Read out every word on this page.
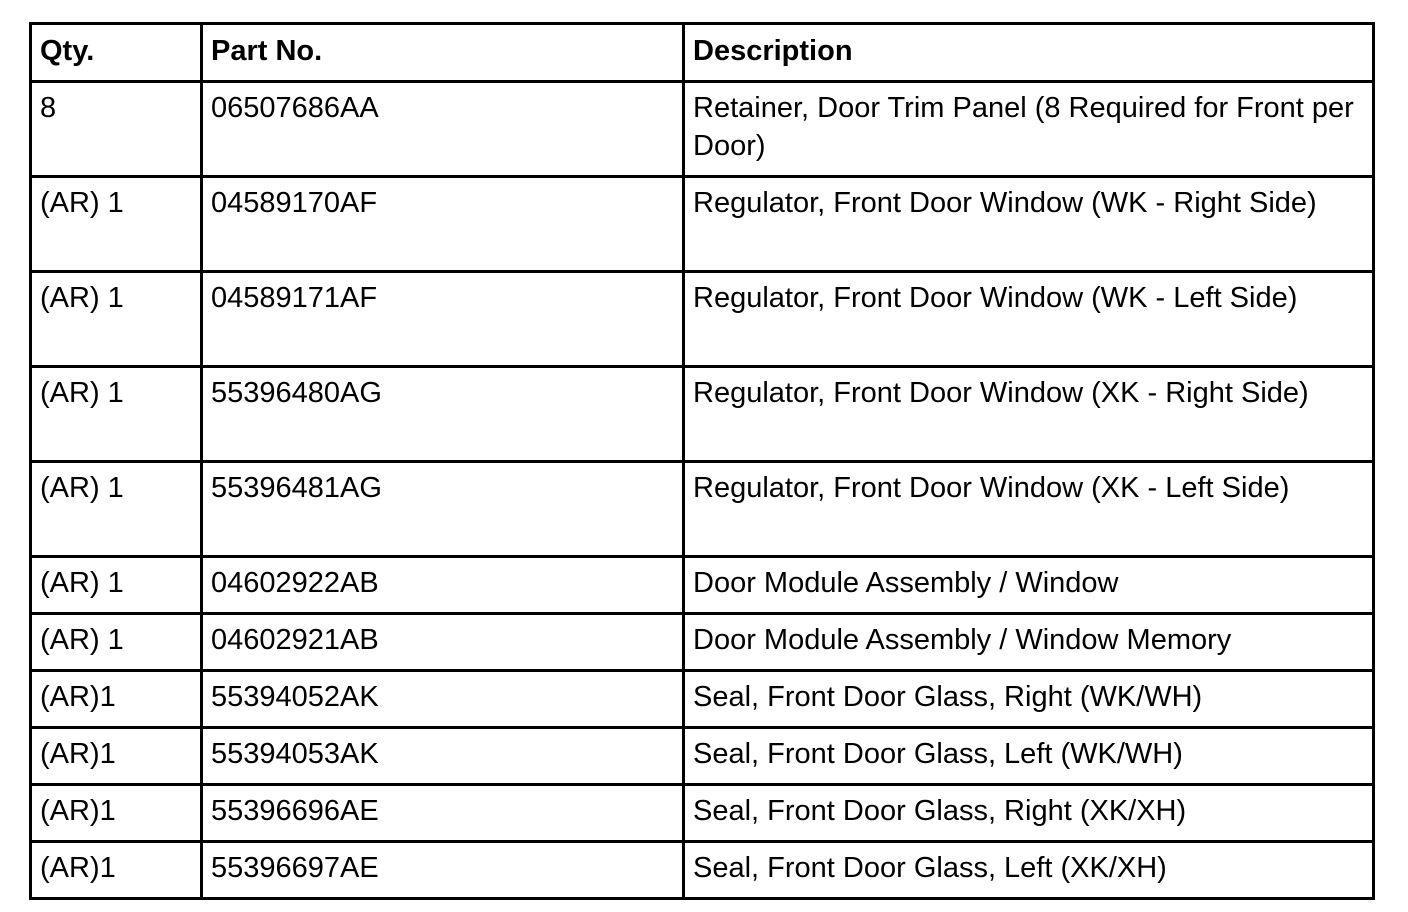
Qty.	Part No.	Description
8	06507686AA	Retainer, Door Trim Panel (8 Required for Front per Door)
(AR) 1	04589170AF	Regulator, Front Door Window (WK - Right Side)
(AR) 1	04589171AF	Regulator, Front Door Window (WK - Left Side)
(AR) 1	55396480AG	Regulator, Front Door Window (XK - Right Side)
(AR) 1	55396481AG	Regulator, Front Door Window (XK - Left Side)
(AR) 1	04602922AB	Door Module Assembly / Window
(AR) 1	04602921AB	Door Module Assembly / Window Memory
(AR)1	55394052AK	Seal, Front Door Glass, Right (WK/WH)
(AR)1	55394053AK	Seal, Front Door Glass, Left (WK/WH)
(AR)1	55396696AE	Seal, Front Door Glass, Right (XK/XH)
(AR)1	55396697AE	Seal, Front Door Glass, Left (XK/XH)
